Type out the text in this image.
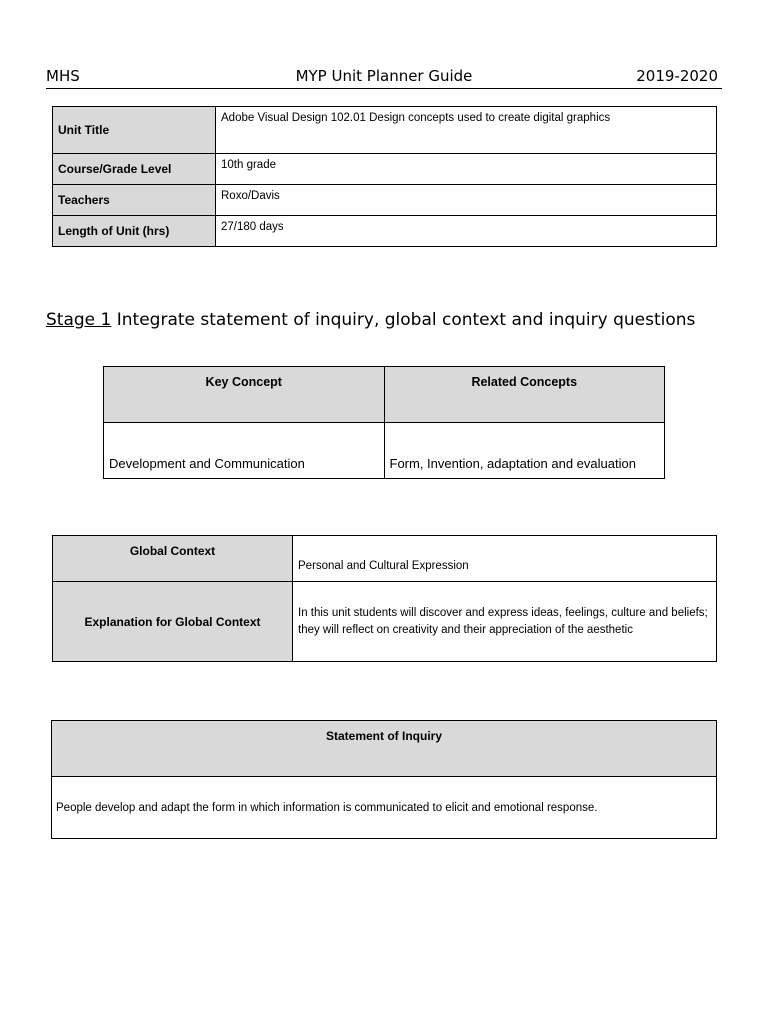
MHS	MYP Unit Planner Guide	2019-2020
Unit Title	Adobe Visual Design 102.01 Design concepts used to create digital graphics
Course/Grade Level	10th grade
Teachers	Roxo/Davis
Length of Unit (hrs)	27/180 days
Stage 1 Integrate statement of inquiry, global context and inquiry questions
Key Concept	Related Concepts
Development and Communication	Form, Invention, adaptation and evaluation
Global Context	Personal and Cultural Expression
Explanation for Global Context	In this unit students will discover and express ideas, feelings, culture and beliefs; they will reflect on creativity and their appreciation of the aesthetic
Statement of Inquiry
People develop and adapt the form in which information is communicated to elicit and emotional response.
